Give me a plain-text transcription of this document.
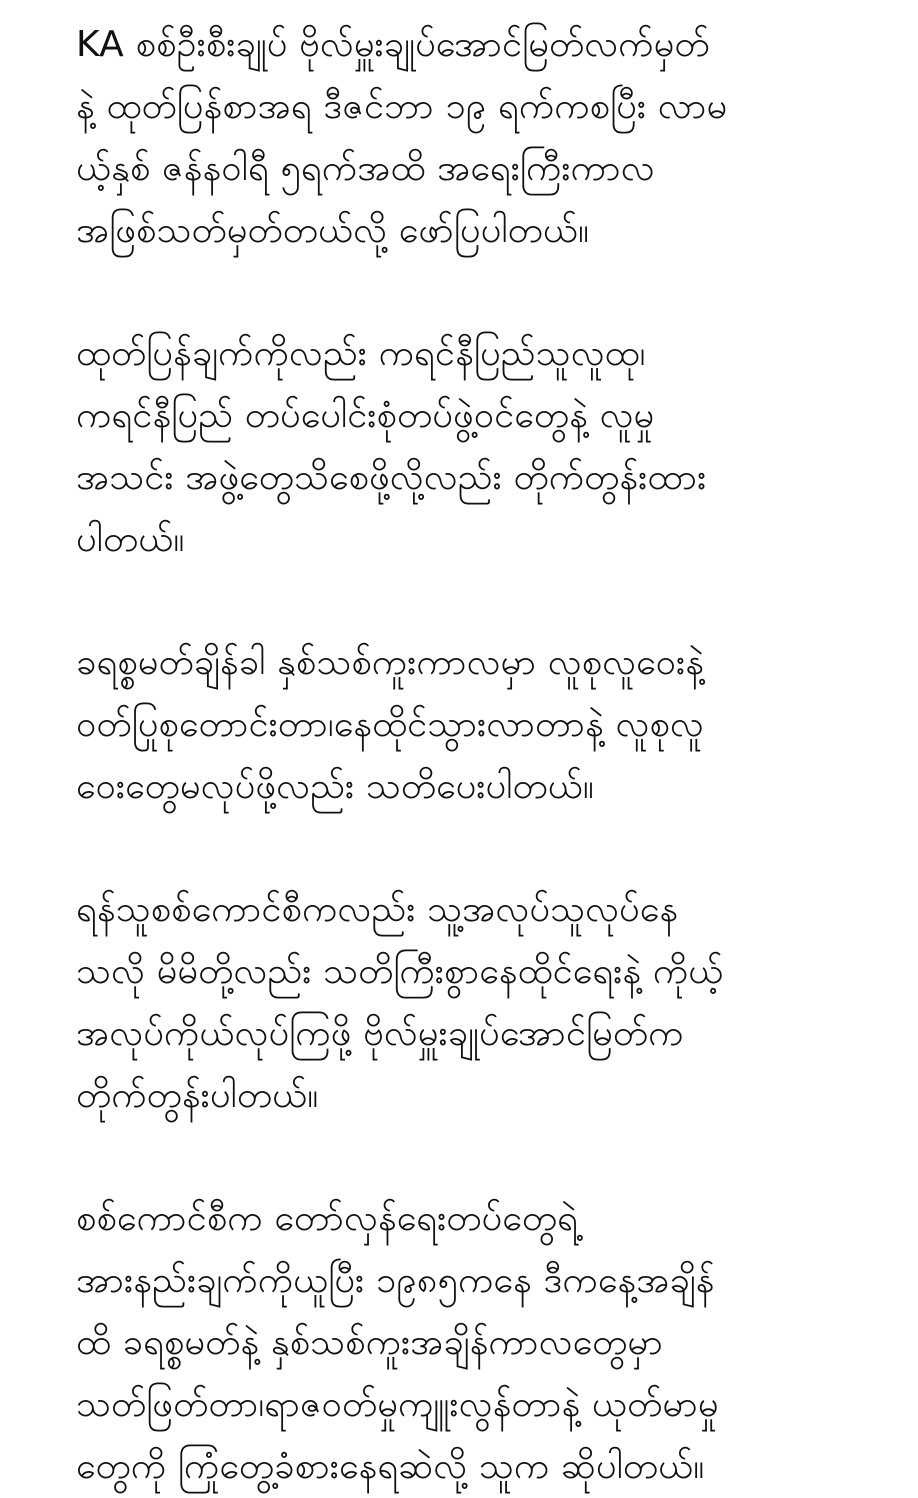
KA စစ်ဦးစီးချုပ် ဗိုလ်မှူးချုပ်အောင်မြတ်လက်မှတ်
နဲ့ ထုတ်ပြန်စာအရ ဒီဇင်ဘာ ၁၉ ရက်ကစပြီး လာမ
ယ့်နှစ် ဇန်နဝါရီ ၅ရက်အထိ အရေးကြီးကာလ
အဖြစ်သတ်မှတ်တယ်လို့ ဖော်ပြပါတယ်။
ထုတ်ပြန်ချက်ကိုလည်း ကရင်နီပြည်သူလူထု၊
ကရင်နီပြည် တပ်ပေါင်းစုံတပ်ဖွဲ့ဝင်တွေနဲ့ လူမှု
အသင်း အဖွဲ့တွေသိစေဖို့လို့လည်း တိုက်တွန်းထား
ပါတယ်။
ခရစ္စမတ်ချိန်ခါ နှစ်သစ်ကူးကာလမှာ လူစုလူဝေးနဲ့
ဝတ်ပြုစုတောင်းတာ၊နေထိုင်သွားလာတာနဲ့ လူစုလူ
ဝေးတွေမလုပ်ဖို့လည်း သတိပေးပါတယ်။
ရန်သူစစ်ကောင်စီကလည်း သူ့အလုပ်သူလုပ်နေ
သလို မိမိတို့လည်း သတိကြီးစွာနေထိုင်ရေးနဲ့ ကိုယ့်
အလုပ်ကိုယ်လုပ်ကြဖို့ ဗိုလ်မှူးချုပ်အောင်မြတ်က
တိုက်တွန်းပါတယ်။
စစ်ကောင်စီက တော်လှန်ရေးတပ်တွေရဲ့
အားနည်းချက်ကိုယူပြီး ၁၉၈၅ကနေ ဒီကနေ့အချိန်
ထိ ခရစ္စမတ်နဲ့ နှစ်သစ်ကူးအချိန်ကာလတွေမှာ
သတ်ဖြတ်တာ၊ရာဇဝတ်မှုကျူးလွန်တာနဲ့ ယုတ်မာမှု
တွေကို ကြုံတွေ့ခံစားနေရဆဲလို့ သူက ဆိုပါတယ်။
